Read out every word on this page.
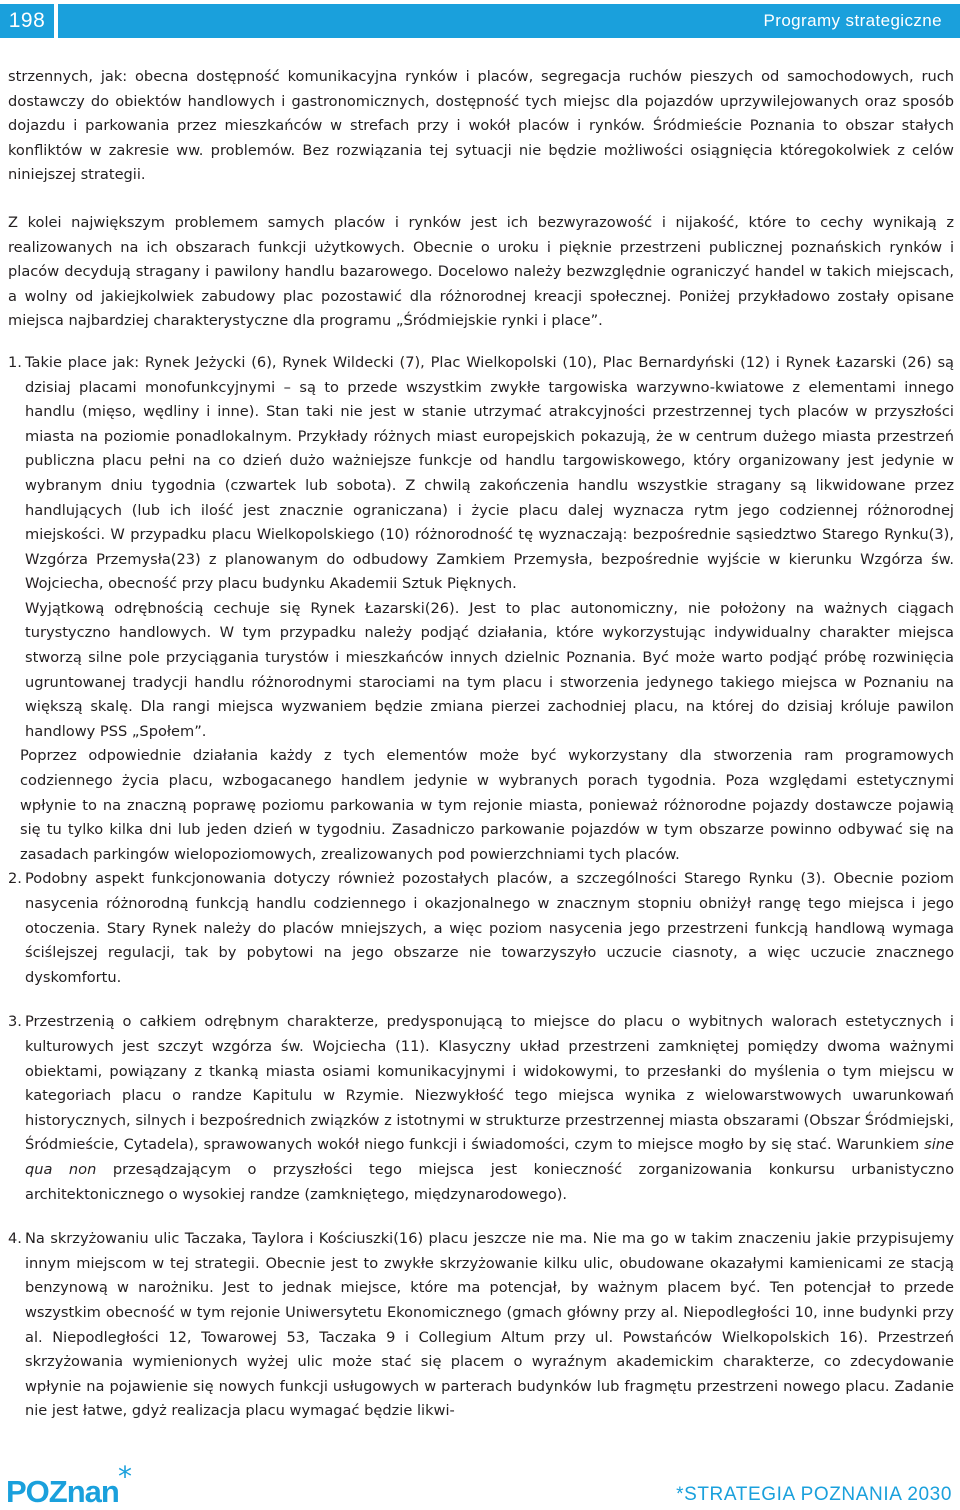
198	Programy strategiczne

strzennych, jak: obecna dostępność komunikacyjna rynków i placów, segregacja ruchów pieszych od samochodowych, ruch dostawczy do obiektów handlowych i gastronomicznych, dostępność tych miejsc dla pojazdów uprzywilejowanych oraz sposób dojazdu i parkowania przez mieszkańców w strefach przy i wokół placów i rynków. Śródmieście Poznania to obszar stałych konfliktów w zakresie ww. problemów. Bez rozwiązania tej sytuacji nie będzie możliwości osiągnięcia któregokolwiek z celów niniejszej strategii.

Z kolei największym problemem samych placów i rynków jest ich bezwyrazowość i nijakość, które to cechy wynikają z realizowanych na ich obszarach funkcji użytkowych. Obecnie o uroku i pięknie przestrzeni publicznej poznańskich rynków i placów decydują stragany i pawilony handlu bazarowego. Docelowo należy bezwzględnie ograniczyć handel w takich miejscach, a wolny od jakiejkolwiek zabudowy plac pozostawić dla różnorodnej kreacji społecznej. Poniżej przykładowo zostały opisane miejsca najbardziej charakterystyczne dla programu „Śródmiejskie rynki i place”.

1. Takie place jak: Rynek Jeżycki (6), Rynek Wildecki (7), Plac Wielkopolski (10), Plac Bernardyński (12) i Rynek Łazarski (26) są dzisiaj placami monofunkcyjnymi – są to przede wszystkim zwykłe targowiska warzywno-kwiatowe z elementami innego handlu (mięso, wędliny i inne). Stan taki nie jest w stanie utrzymać atrakcyjności przestrzennej tych placów w przyszłości miasta na poziomie ponadlokalnym. Przykłady różnych miast europejskich pokazują, że w centrum dużego miasta przestrzeń publiczna placu pełni na co dzień dużo ważniejsze funkcje od handlu targowiskowego, który organizowany jest jedynie w wybranym dniu tygodnia (czwartek lub sobota). Z chwilą zakończenia handlu wszystkie stragany są likwidowane przez handlujących (lub ich ilość jest znacznie ograniczana) i życie placu dalej wyznacza rytm jego codziennej różnorodnej miejskości. W przypadku placu Wielkopolskiego (10) różnorodność tę wyznaczają: bezpośrednie sąsiedztwo Starego Rynku(3), Wzgórza Przemysła(23) z planowanym do odbudowy Zamkiem Przemysła, bezpośrednie wyjście w kierunku Wzgórza św. Wojciecha, obecność przy placu budynku Akademii Sztuk Pięknych.

Wyjątkową odrębnością cechuje się Rynek Łazarski(26). Jest to plac autonomiczny, nie położony na ważnych ciągach turystyczno handlowych. W tym przypadku należy podjąć działania, które wykorzystując indywidualny charakter miejsca stworzą silne pole przyciągania turystów i mieszkańców innych dzielnic Poznania. Być może warto podjąć próbę rozwinięcia ugruntowanej tradycji handlu różnorodnymi starociami na tym placu i stworzenia jedynego takiego miejsca w Poznaniu na większą skalę. Dla rangi miejsca wyzwaniem będzie zmiana pierzei zachodniej placu, na której do dzisiaj króluje pawilon handlowy PSS „Społem”.

Poprzez odpowiednie działania każdy z tych elementów może być wykorzystany dla stworzenia ram programowych codziennego życia placu, wzbogacanego handlem jedynie w wybranych porach tygodnia. Poza względami estetycznymi wpłynie to na znaczną poprawę poziomu parkowania w tym rejonie miasta, ponieważ różnorodne pojazdy dostawcze pojawią się tu tylko kilka dni lub jeden dzień w tygodniu. Zasadniczo parkowanie pojazdów w tym obszarze powinno odbywać się na zasadach parkingów wielopoziomowych, zrealizowanych pod powierzchniami tych placów.

2. Podobny aspekt funkcjonowania dotyczy również pozostałych placów, a szczególności Starego Rynku (3). Obecnie poziom nasycenia różnorodną funkcją handlu codziennego i okazjonalnego w znacznym stopniu obniżył rangę tego miejsca i jego otoczenia. Stary Rynek należy do placów mniejszych, a więc poziom nasycenia jego przestrzeni funkcją handlową wymaga ściślejszej regulacji, tak by pobytowi na jego obszarze nie towarzyszyło uczucie ciasnoty, a więc uczucie znacznego dyskomfortu.

3. Przestrzenią o całkiem odrębnym charakterze, predysponującą to miejsce do placu o wybitnych walorach estetycznych i kulturowych jest szczyt wzgórza św. Wojciecha (11). Klasyczny układ przestrzeni zamkniętej pomiędzy dwoma ważnymi obiektami, powiązany z tkanką miasta osiami komunikacyjnymi i widokowymi, to przesłanki do myślenia o tym miejscu w kategoriach placu o randze Kapitulu w Rzymie. Niezwykłość tego miejsca wynika z wielowarstwowych uwarunkowań historycznych, silnych i bezpośrednich związków z istotnymi w strukturze przestrzennej miasta obszarami (Obszar Śródmiejski, Śródmieście, Cytadela), sprawowanych wokół niego funkcji i świadomości, czym to miejsce mogło by się stać. Warunkiem sine qua non przesądzającym o przyszłości tego miejsca jest konieczność zorganizowania konkursu urbanistyczno architektonicznego o wysokiej randze (zamkniętego, międzynarodowego).

4. Na skrzyżowaniu ulic Taczaka, Taylora i Kościuszki(16) placu jeszcze nie ma. Nie ma go w takim znaczeniu jakie przypisujemy innym miejscom w tej strategii. Obecnie jest to zwykłe skrzyżowanie kilku ulic, obudowane okazałymi kamienicami ze stacją benzynową w narożniku. Jest to jednak miejsce, które ma potencjał, by ważnym placem być. Ten potencjał to przede wszystkim obecność w tym rejonie Uniwersytetu Ekonomicznego (gmach główny przy al. Niepodległości 10, inne budynki przy al. Niepodległości 12, Towarowej 53, Taczaka 9 i Collegium Altum przy ul. Powstańców Wielkopolskich 16). Przestrzeń skrzyżowania wymienionych wyżej ulic może stać się placem o wyraźnym akademickim charakterze, co zdecydowanie wpłynie na pojawienie się nowych funkcji usługowych w parterach budynków lub fragmętu przestrzeni nowego placu. Zadanie nie jest łatwe, gdyż realizacja placu wymagać będzie likwi-

POZnan *
*STRATEGIA POZNANIA 2030
